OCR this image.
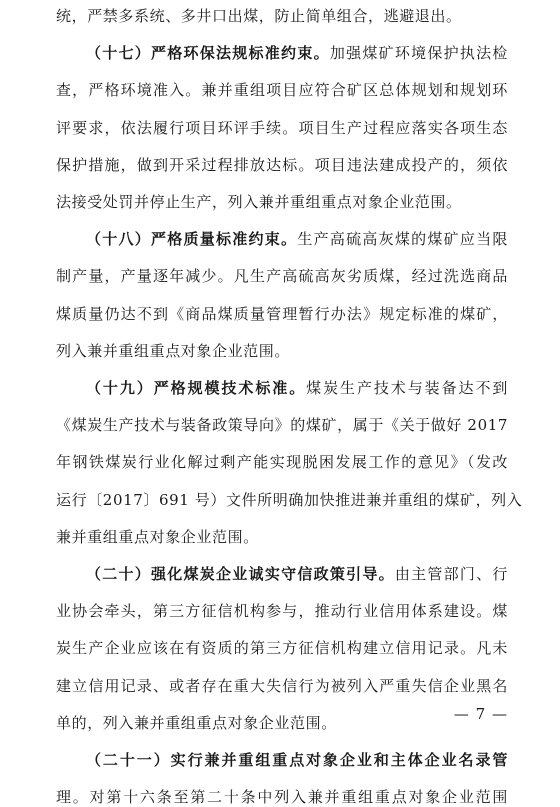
统，严禁多系统、多井口出煤，防止简单组合，逃避退出。
（十七）严格环保法规标准约束。加强煤矿环境保护执法检
查，严格环境准入。兼并重组项目应符合矿区总体规划和规划环
评要求，依法履行项目环评手续。项目生产过程应落实各项生态
保护措施，做到开采过程排放达标。项目违法建成投产的，须依
法接受处罚并停止生产，列入兼并重组重点对象企业范围。
（十八）严格质量标准约束。生产高硫高灰煤的煤矿应当限
制产量，产量逐年减少。凡生产高硫高灰劣质煤，经过洗选商品
煤质量仍达不到《商品煤质量管理暂行办法》规定标准的煤矿，
列入兼并重组重点对象企业范围。
（十九）严格规模技术标准。煤炭生产技术与装备达不到
《煤炭生产技术与装备政策导向》的煤矿，属于《关于做好 2017
年钢铁煤炭行业化解过剩产能实现脱困发展工作的意见》（发改
运行〔2017〕691 号）文件所明确加快推进兼并重组的煤矿，列入
兼并重组重点对象企业范围。
（二十）强化煤炭企业诚实守信政策引导。由主管部门、行
业协会牵头，第三方征信机构参与，推动行业信用体系建设。煤
炭生产企业应该在有资质的第三方征信机构建立信用记录。凡未
建立信用记录、或者存在重大失信行为被列入严重失信企业黑名
单的，列入兼并重组重点对象企业范围。
（二十一）实行兼并重组重点对象企业和主体企业名录管
理。对第十六条至第二十条中列入兼并重组重点对象企业范围
— 7 —
